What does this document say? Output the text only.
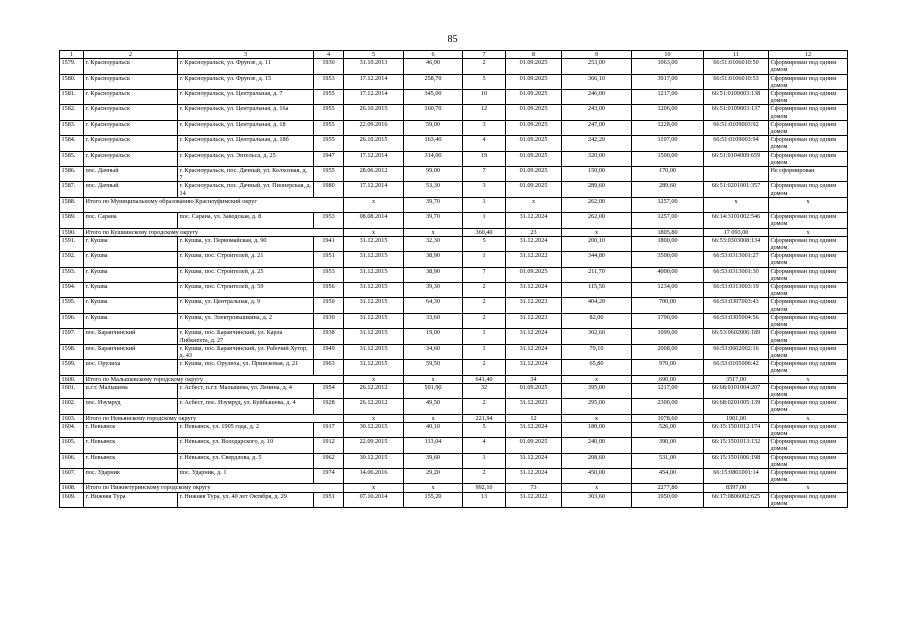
85
1	2	3	4	5	6	7	8	9	10	11	12	
1579.	г. Красноуральск	г. Красноуральск, ул. Фрунзе, д. 11	1930	31.10.2013	46,90	2	01.09.2025	253,00	1063,00	66:51:0106010:50	Сформирован под одним домом	
1580.	г. Красноуральск	г. Красноуральск, ул. Фрунзе, д. 15	1953	17.12.2014	258,70	5	01.09.2025	366,10	3917,00	66:51:0106010:53	Сформирован под одним домом	
1581.	г. Красноуральск	г. Красноуральск, ул. Центральная, д. 7	1955	17.12.2014	345,00	10	01.09.2025	246,00	1217,00	66:51:0109003:138	Сформирован под одним домом	
1582.	г. Красноуральск	г. Красноуральск, ул. Центральная, д. 16а	1955	26.10.2015	160,70	12	01.09.2025	243,00	1206,00	66:51:0109003:137	Сформирован под одним домом	
1583.	г. Красноуральск	г. Красноуральск, ул. Центральная, д. 18	1955	22.09.2016	59,00	3	01.09.2025	247,00	1228,00	66:51:0109003:92	Сформирован под одним домом	
1584.	г. Красноуральск	г. Красноуральск, ул. Центральная, д. 18б	1955	26.10.2015	163,40	4	01.09.2025	242,20	1197,00	66:51:0109003:94	Сформирован под одним домом	
1585.	г. Красноуральск	г. Красноуральск, ул. Энгельса, д. 25	1947	17.12.2014	314,00	19	01.09.2025	320,00	1500,00	66:51:0104009:659	Сформирован под одним домом	
1586.	пос. Дачный	г. Красноуральск, пос. Дачный, ул. Колхозная, д. 7	1955	28.06.2012	99,00	7	01.09.2025	150,00	170,00		Не сформирован	
1587.	пос. Дачный	г. Красноуральск, пос. Дачный, ул. Пионерская, д. 14	1980	17.12.2014	53,30	3	01.09.2025	289,60	289,60	66:51:0201001:357	Сформирован под одним домом	
1588.	Итого по Муниципальному образованию Красноуфимский округ			x	39,70	1	x	262,00	1257,00	x	x	
1589.	пос. Сарана	пос. Сарана, ул. Заводская, д. 8	1953	08.08.2014	39,70	1	31.12.2024	262,00	1257,00	66:14:3101002:546	Сформирован под одним домом	
1590.	Итого по Кушвинскому городскому округу			x	x	360,40	23	x	1805,80	17 093,00	x	
1591.	г. Кушва	г. Кушва, ул. Первомайская, д. 90	1941	31.12.2015	32,30	5	31.12.2024	200,10	1800,00	66:53:0303008:134	Сформирован под одним домом	
1592.	г. Кушва	г. Кушва, пос. Строителей, д. 21	1951	31.12.2015	38,90	1	31.12.2022	344,80	3500,00	66:53:0313001:27	Сформирован под одним домом	
1593.	г. Кушва	г. Кушва, пос. Строителей, д. 25	1953	31.12.2015	38,90	7	01.09.2025	211,70	4000,00	66:53:0313001:30	Сформирован под одним домом	
1594.	г. Кушва	г. Кушва, пос. Строителей, д. 59	1956	31.12.2015	39,30	2	31.12.2024	115,50	1234,00	66:53:0313003:19	Сформирован под одним домом	
1595.	г. Кушва	г. Кушва, ул. Центральная, д. 9	1950	31.12.2015	64,30	2	31.12.2023	404,20	700,00	66:53:0307003:43	Сформирован под одним домом	
1596.	г. Кушва	г. Кушва, ул. Электровышкина, д. 2	1930	31.12.2015	33,60	2	31.12.2023	82,00	1790,00	66:53:0305004:56	Сформирован под одним домом	
1597.	пос. Баранчинский	г. Кушва, пос. Баранчинский, ул. Карла Либкнехта, д. 27	1938	31.12.2015	19,00	1	31.12.2024	302,60	1099,00	66:53:0602006:189	Сформирован под одним домом	
1598.	пос. Баранчинский	г. Кушва, пос. Баранчинский, ул. Рабочий Хутор, д. 43	1949	31.12.2015	34,60	1	31.12.2024	79,10	2008,00	66:53:0602002:16	Сформирован под одним домом	
1599.	пос. Орулиха	г. Кушва, пос. Орулиха, ул. Приисковая, д. 21	1963	31.12.2015	59,50	2	31.12.2024	65,80	970,00	66:53:0105006:42	Сформирован под одним домом	
1600.	Итого по Малышевскому городскому округу			x	x	641,40	34	x	690,00	3517,00	x	
1601.	п.г.т. Малышева	г. Асбест, п.г.т. Малышева, ул. Ленина, д. 4	1954	26.12.2012	591,90	32	01.09.2025	395,00	1217,00	66:68:0101004:207	Сформирован под одним домом	
1602.	пос. Изумруд	г. Асбест, пос. Изумруд, ул. Куйбышева, д. 4	1928	26.12.2012	49,50	2	31.12.2023	295,00	2300,00	66:68:0201005:139	Сформирован под одним домом	
1603.	Итого по Невьянскому городскому округу			x	x	221,94	12	x	1078,60	1901,00	x	
1604.	г. Невьянск	г. Невьянск, ул. 1905 года, д. 2	1917	30.12.2015	40,10	5	31.12.2024	180,00	526,00	66:15:1501012:174	Сформирован под одним домом	
1605.	г. Невьянск	г. Невьянск, ул. Володарского, д. 10	1912	22.09.2015	113,04	4	01.09.2025	240,00	390,00	66:15:1501013:132	Сформирован под одним домом	
1606.	г. Невьянск	г. Невьянск, ул. Свердлова, д. 5	1962	30.12.2015	39,60	1	31.12.2024	208,60	531,00	66:15:1501006:198	Сформирован под одним домом	
1607.	пос. Ударник	пос. Ударник, д. 1	1974	14.06.2016	29,20	2	31.12.2024	450,00	454,00	66:15:0801001:14	Сформирован под одним домом	
1608.	Итого по Нижнетуринскому городскому округу			x	x	992,10	73	x	2277,80	8397,00	x	
1609.	г. Нижняя Тура	г. Нижняя Тура, ул. 40 лет Октября, д. 29	1951	07.10.2014	155,20	13	31.12.2022	303,60	1950,00	66:17:0806002:625	Сформирован под одним домом	
